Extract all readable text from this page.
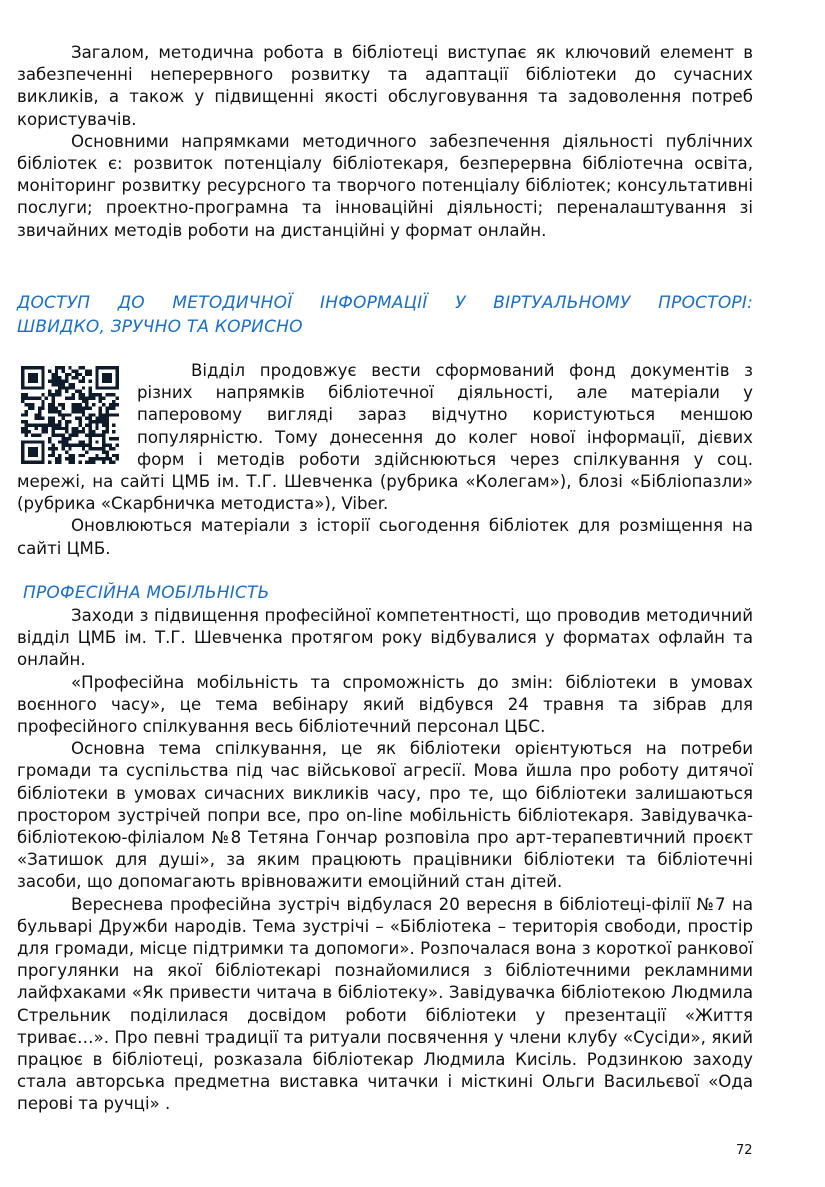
Загалом, методична робота в бібліотеці виступає як ключовий елемент в забезпеченні неперервного розвитку та адаптації бібліотеки до сучасних викликів, а також у підвищенні якості обслуговування та задоволення потреб користувачів.

Основними напрямками методичного забезпечення діяльності публічних бібліотек є: розвиток потенціалу бібліотекаря, безперервна бібліотечна освіта, моніторинг розвитку ресурсного та творчого потенціалу бібліотек; консультативні послуги; проектно-програмна та інноваційні діяльності; переналаштування зі звичайних методів роботи на дистанційні у формат онлайн.

ДОСТУП ДО МЕТОДИЧНОЇ ІНФОРМАЦІЇ У ВІРТУАЛЬНОМУ ПРОСТОРІ:
ШВИДКО, ЗРУЧНО ТА КОРИСНО

Відділ продовжує вести сформований фонд документів з різних напрямків бібліотечної діяльності, але матеріали у паперовому вигляді зараз відчутно користуються меншою популярністю. Тому донесення до колег нової інформації, дієвих форм і методів роботи здійснюються через спілкування у соц. мережі, на сайті ЦМБ ім. Т.Г. Шевченка (рубрика «Колегам»), блозі «Бібліопазли» (рубрика «Скарбничка методиста»), Viber.

Оновлюються матеріали з історії сьогодення бібліотек для розміщення на сайті ЦМБ.

ПРОФЕСІЙНА МОБІЛЬНІСТЬ

Заходи з підвищення професійної компетентності, що проводив методичний відділ ЦМБ ім. Т.Г. Шевченка протягом року відбувалися у форматах офлайн та онлайн.

«Професійна мобільність та спроможність до змін: бібліотеки в умовах воєнного часу», це тема вебінару який відбувся 24 травня та зібрав для професійного спілкування весь бібліотечний персонал ЦБС.

Основна тема спілкування, це як бібліотеки орієнтуються на потреби громади та суспільства під час військової агресії. Мова йшла про роботу дитячої бібліотеки в умовах сичасних викликів часу, про те, що бібліотеки залишаються простором зустрічей попри все, про on-line мобільність бібліотекаря. Завідувачка-бібліотекою-філіалом №8 Тетяна Гончар розповіла про арт-терапевтичний проєкт «Затишок для душі», за яким працюють працівники бібліотеки та бібліотечні засоби, що допомагають врівноважити емоційний стан дітей.

Вереснева професійна зустріч відбулася 20 вересня в бібліотеці-філії №7 на бульварі Дружби народів. Тема зустрічі – «Бібліотека – територія свободи, простір для громади, місце підтримки та допомоги». Розпочалася вона з короткої ранкової прогулянки на якої бібліотекарі познайомилися з бібліотечними рекламними лайфхаками «Як привести читача в бібліотеку». Завідувачка бібліотекою Людмила Стрельник поділилася досвідом роботи бібліотеки у презентації «Життя триває…». Про певні традиції та ритуали посвячення у члени клубу «Сусіди», який працює в бібліотеці, розказала бібліотекар Людмила Кисіль. Родзинкою заходу стала авторська предметна виставка читачки і місткині Ольги Васильєвої «Ода перові та ручці» .

72
